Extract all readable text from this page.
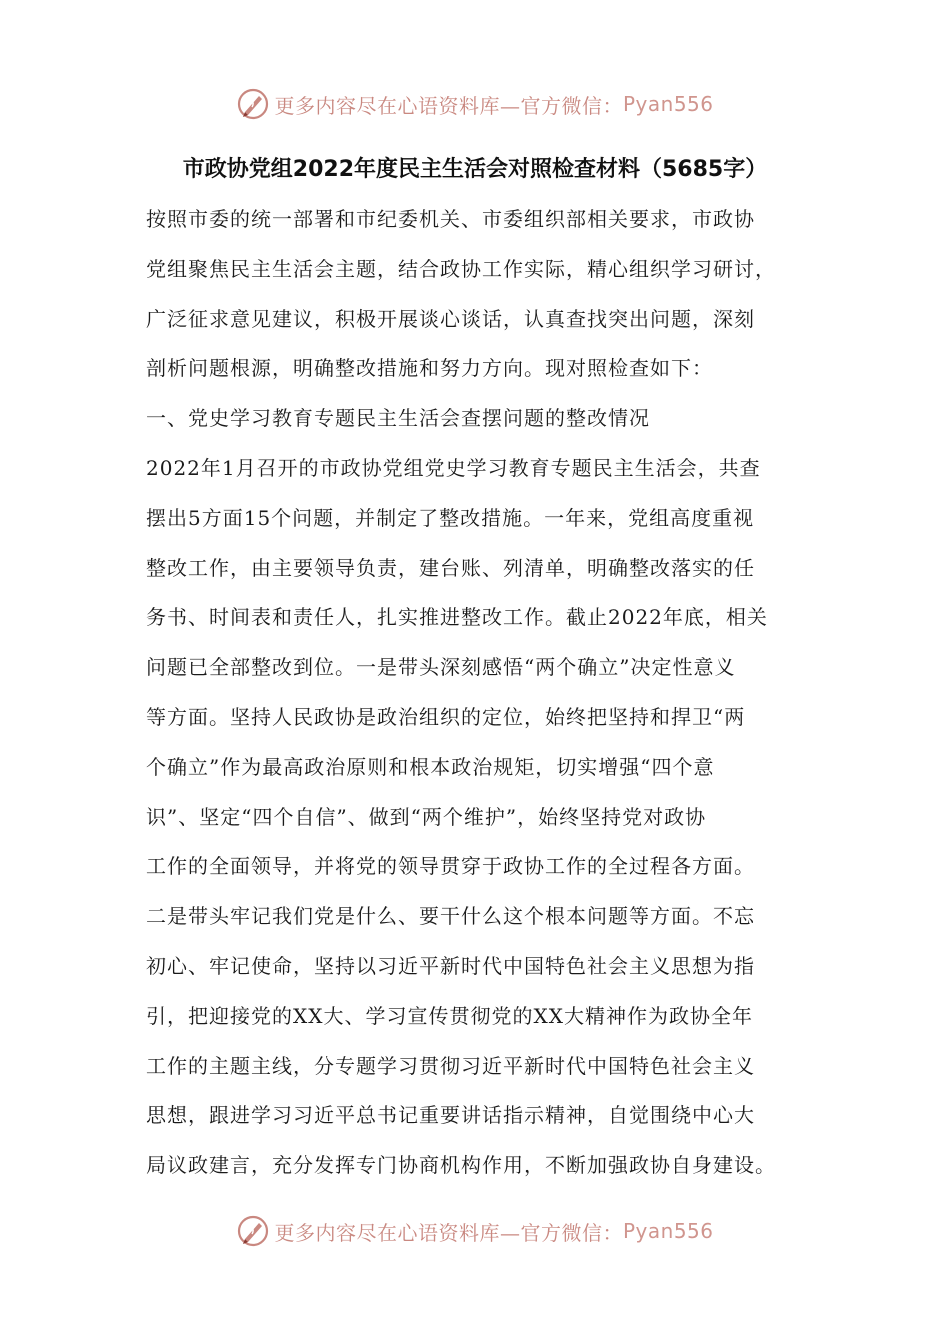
更多内容尽在心语资料库—官方微信： Pyan556
市政协党组2022年度民主生活会对照检查材料（5685字）
按照市委的统一部署和市纪委机关、市委组织部相关要求，市政协
党组聚焦民主生活会主题，结合政协工作实际，精心组织学习研讨，
广泛征求意见建议，积极开展谈心谈话，认真查找突出问题，深刻
剖析问题根源，明确整改措施和努力方向。现对照检查如下：
一、党史学习教育专题民主生活会查摆问题的整改情况
2022年1月召开的市政协党组党史学习教育专题民主生活会，共查
摆出5方面15个问题，并制定了整改措施。一年来，党组高度重视
整改工作，由主要领导负责，建台账、列清单，明确整改落实的任
务书、时间表和责任人，扎实推进整改工作。截止2022年底，相关
问题已全部整改到位。一是带头深刻感悟“两个确立”决定性意义
等方面。坚持人民政协是政治组织的定位，始终把坚持和捍卫“两
个确立”作为最高政治原则和根本政治规矩，切实增强“四个意
识”、坚定“四个自信”、做到“两个维护”，始终坚持党对政协
工作的全面领导，并将党的领导贯穿于政协工作的全过程各方面。
二是带头牢记我们党是什么、要干什么这个根本问题等方面。不忘
初心、牢记使命，坚持以习近平新时代中国特色社会主义思想为指
引，把迎接党的XX大、学习宣传贯彻党的XX大精神作为政协全年
工作的主题主线，分专题学习贯彻习近平新时代中国特色社会主义
思想，跟进学习习近平总书记重要讲话指示精神，自觉围绕中心大
局议政建言，充分发挥专门协商机构作用，不断加强政协自身建设。
更多内容尽在心语资料库—官方微信： Pyan556
